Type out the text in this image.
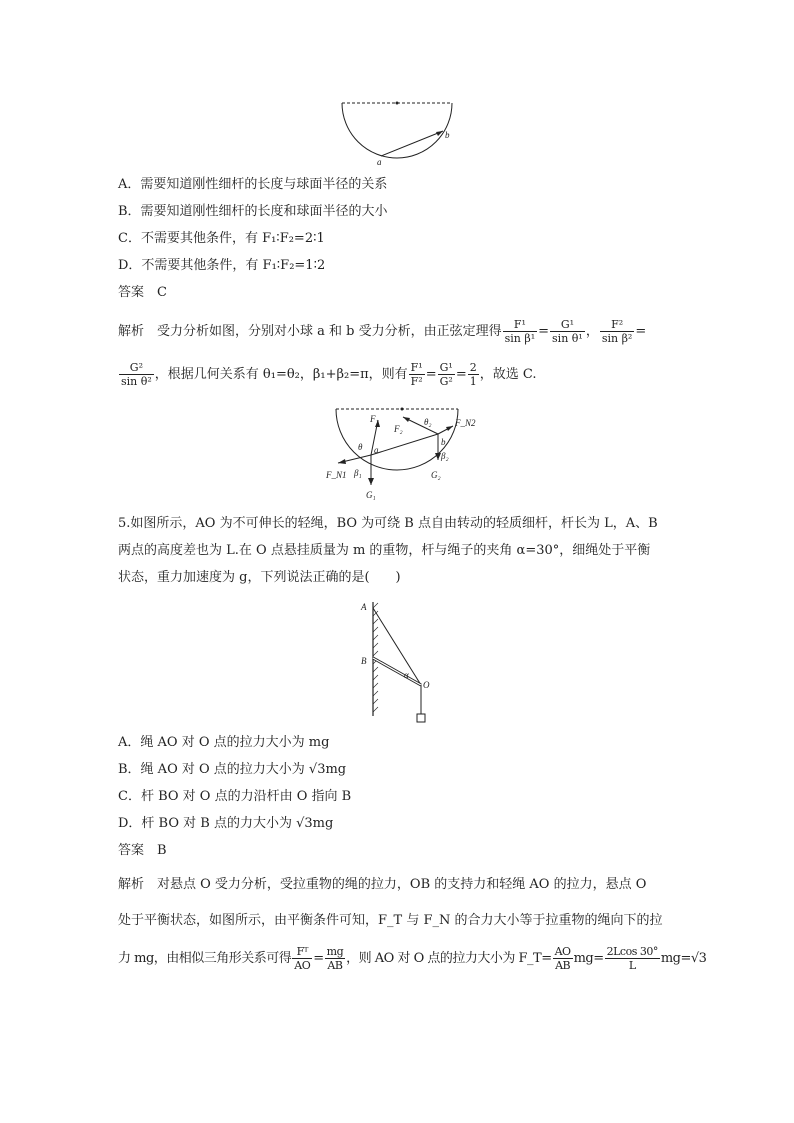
a
b
A．需要知道刚性细杆的长度与球面半径的关系
B．需要知道刚性细杆的长度和球面半径的大小
C．不需要其他条件，有 F₁∶F₂=2∶1
D．不需要其他条件，有 F₁∶F₂=1∶2
答案　C
解析　受力分析如图，分别对小球 a 和 b 受力分析，由正弦定理得 $\frac{\text{F¹}}{\text{sin β¹}} = \frac{\text{G¹}}{\text{sin θ¹}}$ ， $\frac{\text{F²}}{\text{sin β²}}$ =
$\frac{\text{G²}}{\text{sin θ²}}$ ，根据几何关系有 θ₁=θ₂，β₁+β₂=π，则有 $\frac{\text{F¹}}{\text{F²}} = \frac{\text{G¹}}{\text{G²}} = \frac{2}{1}$ ，故选 C.
F₁
F₂
θ₂	F_N2
θ a
b
β₂
F_N1 β₁	G₂
G₁
5.如图所示，AO 为不可伸长的轻绳，BO 为可绕 B 点自由转动的轻质细杆，杆长为 L，A、B
两点的高度差也为 L.在 O 点悬挂质量为 m 的重物，杆与绳子的夹角 α=30°，细绳处于平衡
状态，重力加速度为 g，下列说法正确的是(　　)
A
B
O
α
A．绳 AO 对 O 点的拉力大小为 mg
B．绳 AO 对 O 点的拉力大小为 √3mg
C．杆 BO 对 O 点的力沿杆由 O 指向 B
D．杆 BO 对 B 点的力大小为 √3mg
答案　B
解析　对悬点 O 受力分析，受拉重物的绳的拉力，OB 的支持力和轻绳 AO 的拉力，悬点 O
处于平衡状态，如图所示，由平衡条件可知，F_T 与 F_N 的合力大小等于拉重物的绳向下的拉
力 mg，由相似三角形关系可得 $\frac{\text{Fᵀ}}{AO} = \frac{mg}{AB}$ ，则 AO 对 O 点的拉力大小为 F_T= $\frac{AO}{AB} mg= \frac{2Lcos 30^\circ}{L} mg=√3$
